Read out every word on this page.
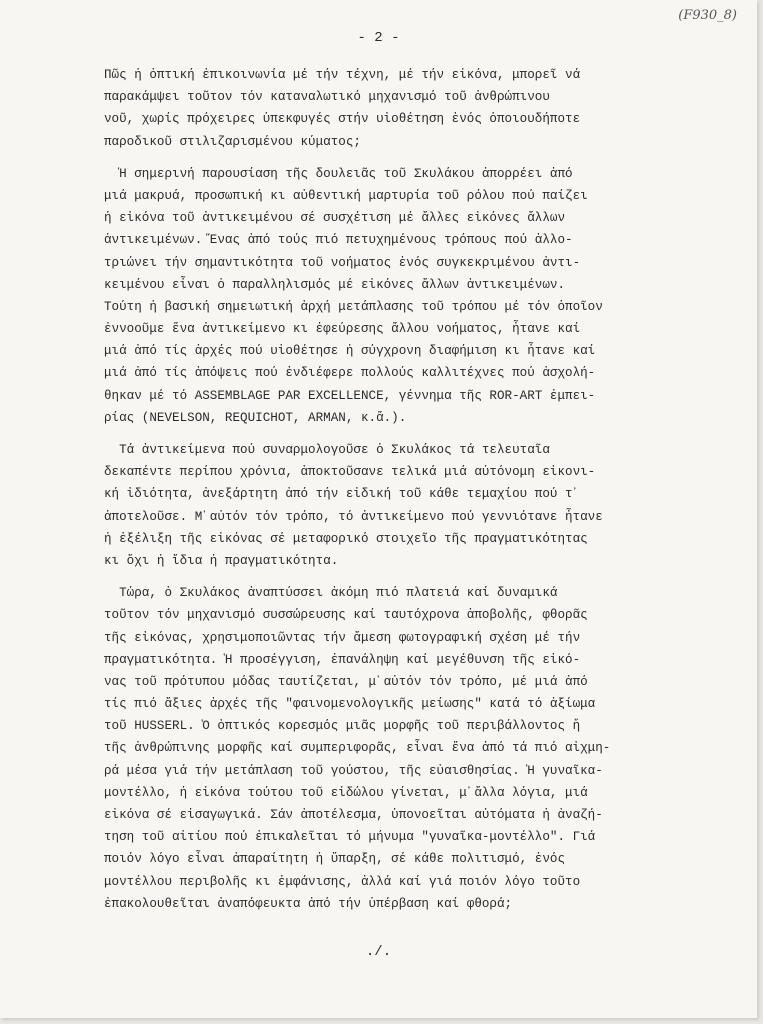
(F930_8)
- 2 -
Πῶς ἡ ὀπτική ἐπικοινωνία μέ τήν τέχνη, μέ τήν εἰκόνα, μπορεῖ νά
παρακάμψει τοῦτον τόν καταναλωτικό μηχανισμό τοῦ ἀνθρώπινου
νοῦ, χωρίς πρόχειρες ὑπεκφυγές στήν υἱοθέτηση ἑνός ὁποιουδήποτε
παροδικοῦ στιλιζαρισμένου κύματος;
Ἡ σημερινή παρουσίαση τῆς δουλειᾶς τοῦ Σκυλάκου ἀπορρέει ἀπό
μιά μακρυά, προσωπική κι αὐθεντική μαρτυρία τοῦ ρόλου πού παίζει
ἡ εἰκόνα τοῦ ἀντικειμένου σέ συσχέτιση μέ ἄλλες εἰκόνες ἄλλων
ἀντικειμένων. Ἕνας ἀπό τούς πιό πετυχημένους τρόπους πού ἀλλο-
τριώνει τήν σημαντικότητα τοῦ νοήματος ἑνός συγκεκριμένου ἀντι-
κειμένου εἶναι ὁ παραλληλισμός μέ εἰκόνες ἄλλων ἀντικειμένων.
Τούτη ἡ βασική σημειωτική ἀρχή μετάπλασης τοῦ τρόπου μέ τόν ὁποῖον
ἐννοοῦμε ἕνα ἀντικείμενο κι ἐφεύρεσης ἄλλου νοήματος, ἦτανε καί
μιά ἀπό τίς ἀρχές πού υἱοθέτησε ἡ σύγχρονη διαφήμιση κι ἦτανε καί
μιά ἀπό τίς ἀπόψεις πού ἐνδιέφερε πολλούς καλλιτέχνες πού ἀσχολή-
θηκαν μέ τό ASSEMBLAGE PAR EXCELLENCE, γέννημα τῆς ROR-ART ἐμπει-
ρίας (NEVELSON, REQUICHOT, ARMAN, κ.ἄ.).
Τά ἀντικείμενα πού συναρμολογοῦσε ὁ Σκυλάκος τά τελευταῖα
δεκαπέντε περίπου χρόνια, ἀποκτοῦσανε τελικά μιά αὐτόνομη εἰκονι-
κή ἰδιότητα, ἀνεξάρτητη ἀπό τήν εἰδική τοῦ κάθε τεμαχίου πού τ᾽
ἀποτελοῦσε. Μ᾽αὐτόν τόν τρόπο, τό ἀντικείμενο πού γεννιότανε ἦτανε
ἡ ἐξέλιξη τῆς εἰκόνας σέ μεταφορικό στοιχεῖο τῆς πραγματικότητας
κι ὄχι ἡ ἴδια ἡ πραγματικότητα.
Τώρα, ὁ Σκυλάκος ἀναπτύσσει ἀκόμη πιό πλατειά καί δυναμικά
τοῦτον τόν μηχανισμό συσσώρευσης καί ταυτόχρονα ἀποβολῆς, φθορᾶς
τῆς εἰκόνας, χρησιμοποιῶντας τήν ἄμεση φωτογραφική σχέση μέ τήν
πραγματικότητα. Ἡ προσέγγιση, ἐπανάληψη καί μεγέθυνση τῆς εἰκό-
νας τοῦ πρότυπου μόδας ταυτίζεται, μ᾽αὐτόν τόν τρόπο, μέ μιά ἀπό
τίς πιό ἄξιες ἀρχές τῆς "φαινομενολογικῆς μείωσης" κατά τό ἀξίωμα
τοῦ HUSSERL. Ὁ ὀπτικός κορεσμός μιᾶς μορφῆς τοῦ περιβάλλοντος ἤ
τῆς ἀνθρώπινης μορφῆς καί συμπεριφορᾶς, εἶναι ἕνα ἀπό τά πιό αἰχμη-
ρά μέσα γιά τήν μετάπλαση τοῦ γούστου, τῆς εὐαισθησίας. Ἡ γυναῖκα-
μοντέλλο, ἡ εἰκόνα τούτου τοῦ εἰδώλου γίνεται, μ᾽ἄλλα λόγια, μιά
εἰκόνα σέ εἰσαγωγικά. Σάν ἀποτέλεσμα, ὑπονοεῖται αὐτόματα ἡ ἀναζή-
τηση τοῦ αἰτίου πού ἐπικαλεῖται τό μήνυμα "γυναῖκα-μοντέλλο". Γιά
ποιόν λόγο εἶναι ἀπαραίτητη ἡ ὕπαρξη, σέ κάθε πολιτισμό, ἑνός
μοντέλλου περιβολῆς κι ἐμφάνισης, ἀλλά καί γιά ποιόν λόγο τοῦτο
ἐπακολουθεῖται ἀναπόφευκτα ἀπό τήν ὑπέρβαση καί φθορά;
./.
